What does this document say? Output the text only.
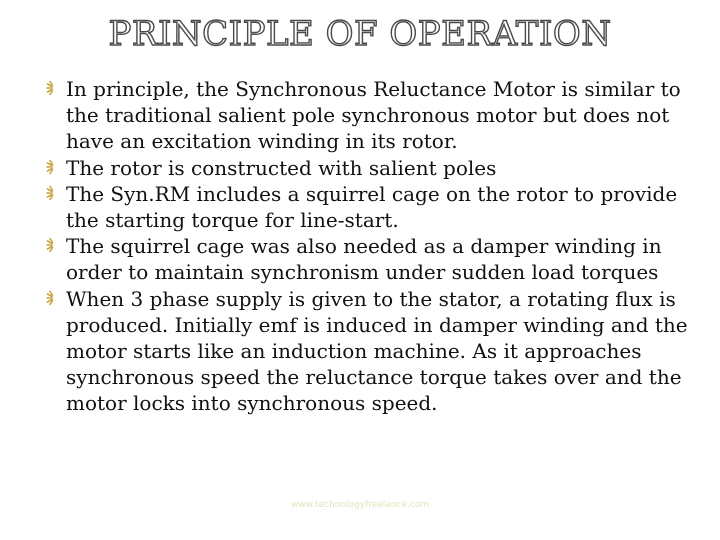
PRINCIPLE OF OPERATION
In principle, the Synchronous Reluctance Motor is similar to the traditional salient pole synchronous motor but does not have an excitation winding in its rotor.
The rotor is constructed with salient poles
The Syn.RM includes a squirrel cage on the rotor to provide the starting torque for line-start.
The squirrel cage was also needed as a damper winding in order to maintain synchronism under sudden load torques
When 3 phase supply is given to the stator, a rotating flux is produced. Initially emf is induced in damper winding and the motor starts like an induction machine. As it approaches synchronous speed the reluctance torque takes over and the motor locks into synchronous speed.
www.technologyfreelance.com
